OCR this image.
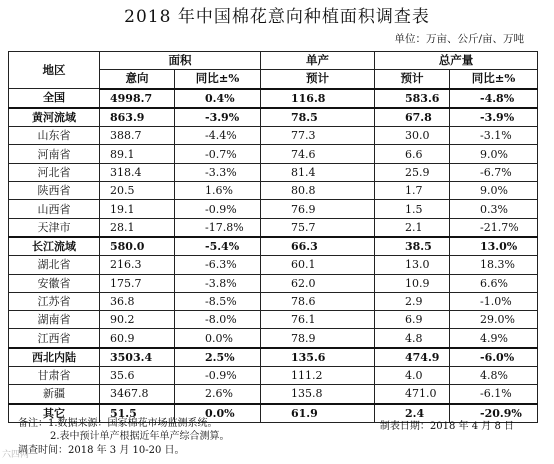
2018 年中国棉花意向种植面积调查表
单位：万亩、公斤/亩、万吨
地区	面积		单产	总产量	
	意向	同比±%	预计	预计	同比±%
全国	4998.7	0.4%	116.8	583.6	-4.8%
黄河流域	863.9	-3.9%	78.5	67.8	-3.9%
山东省	388.7	-4.4%	77.3	30.0	-3.1%
河南省	89.1	-0.7%	74.6	6.6	9.0%
河北省	318.4	-3.3%	81.4	25.9	-6.7%
陕西省	20.5	1.6%	80.8	1.7	9.0%
山西省	19.1	-0.9%	76.9	1.5	0.3%
天津市	28.1	-17.8%	75.7	2.1	-21.7%
长江流域	580.0	-5.4%	66.3	38.5	13.0%
湖北省	216.3	-6.3%	60.1	13.0	18.3%
安徽省	175.7	-3.8%	62.0	10.9	6.6%
江苏省	36.8	-8.5%	78.6	2.9	-1.0%
湖南省	90.2	-8.0%	76.1	6.9	29.0%
江西省	60.9	0.0%	78.9	4.8	4.9%
西北内陆	3503.4	2.5%	135.6	474.9	-6.0%
甘肃省	35.6	-0.9%	111.2	4.0	4.8%
新疆	3467.8	2.6%	135.8	471.0	-6.1%
其它	51.5	0.0%	61.9	2.4	-20.9%
备注：1.数据来源：国家棉花市场监测系统。	制表日期：2018 年 4 月 8 日
2.表中预计单产根据近年单产综合测算。
调查时间：2018 年 3 月 10-20 日。
六四网
